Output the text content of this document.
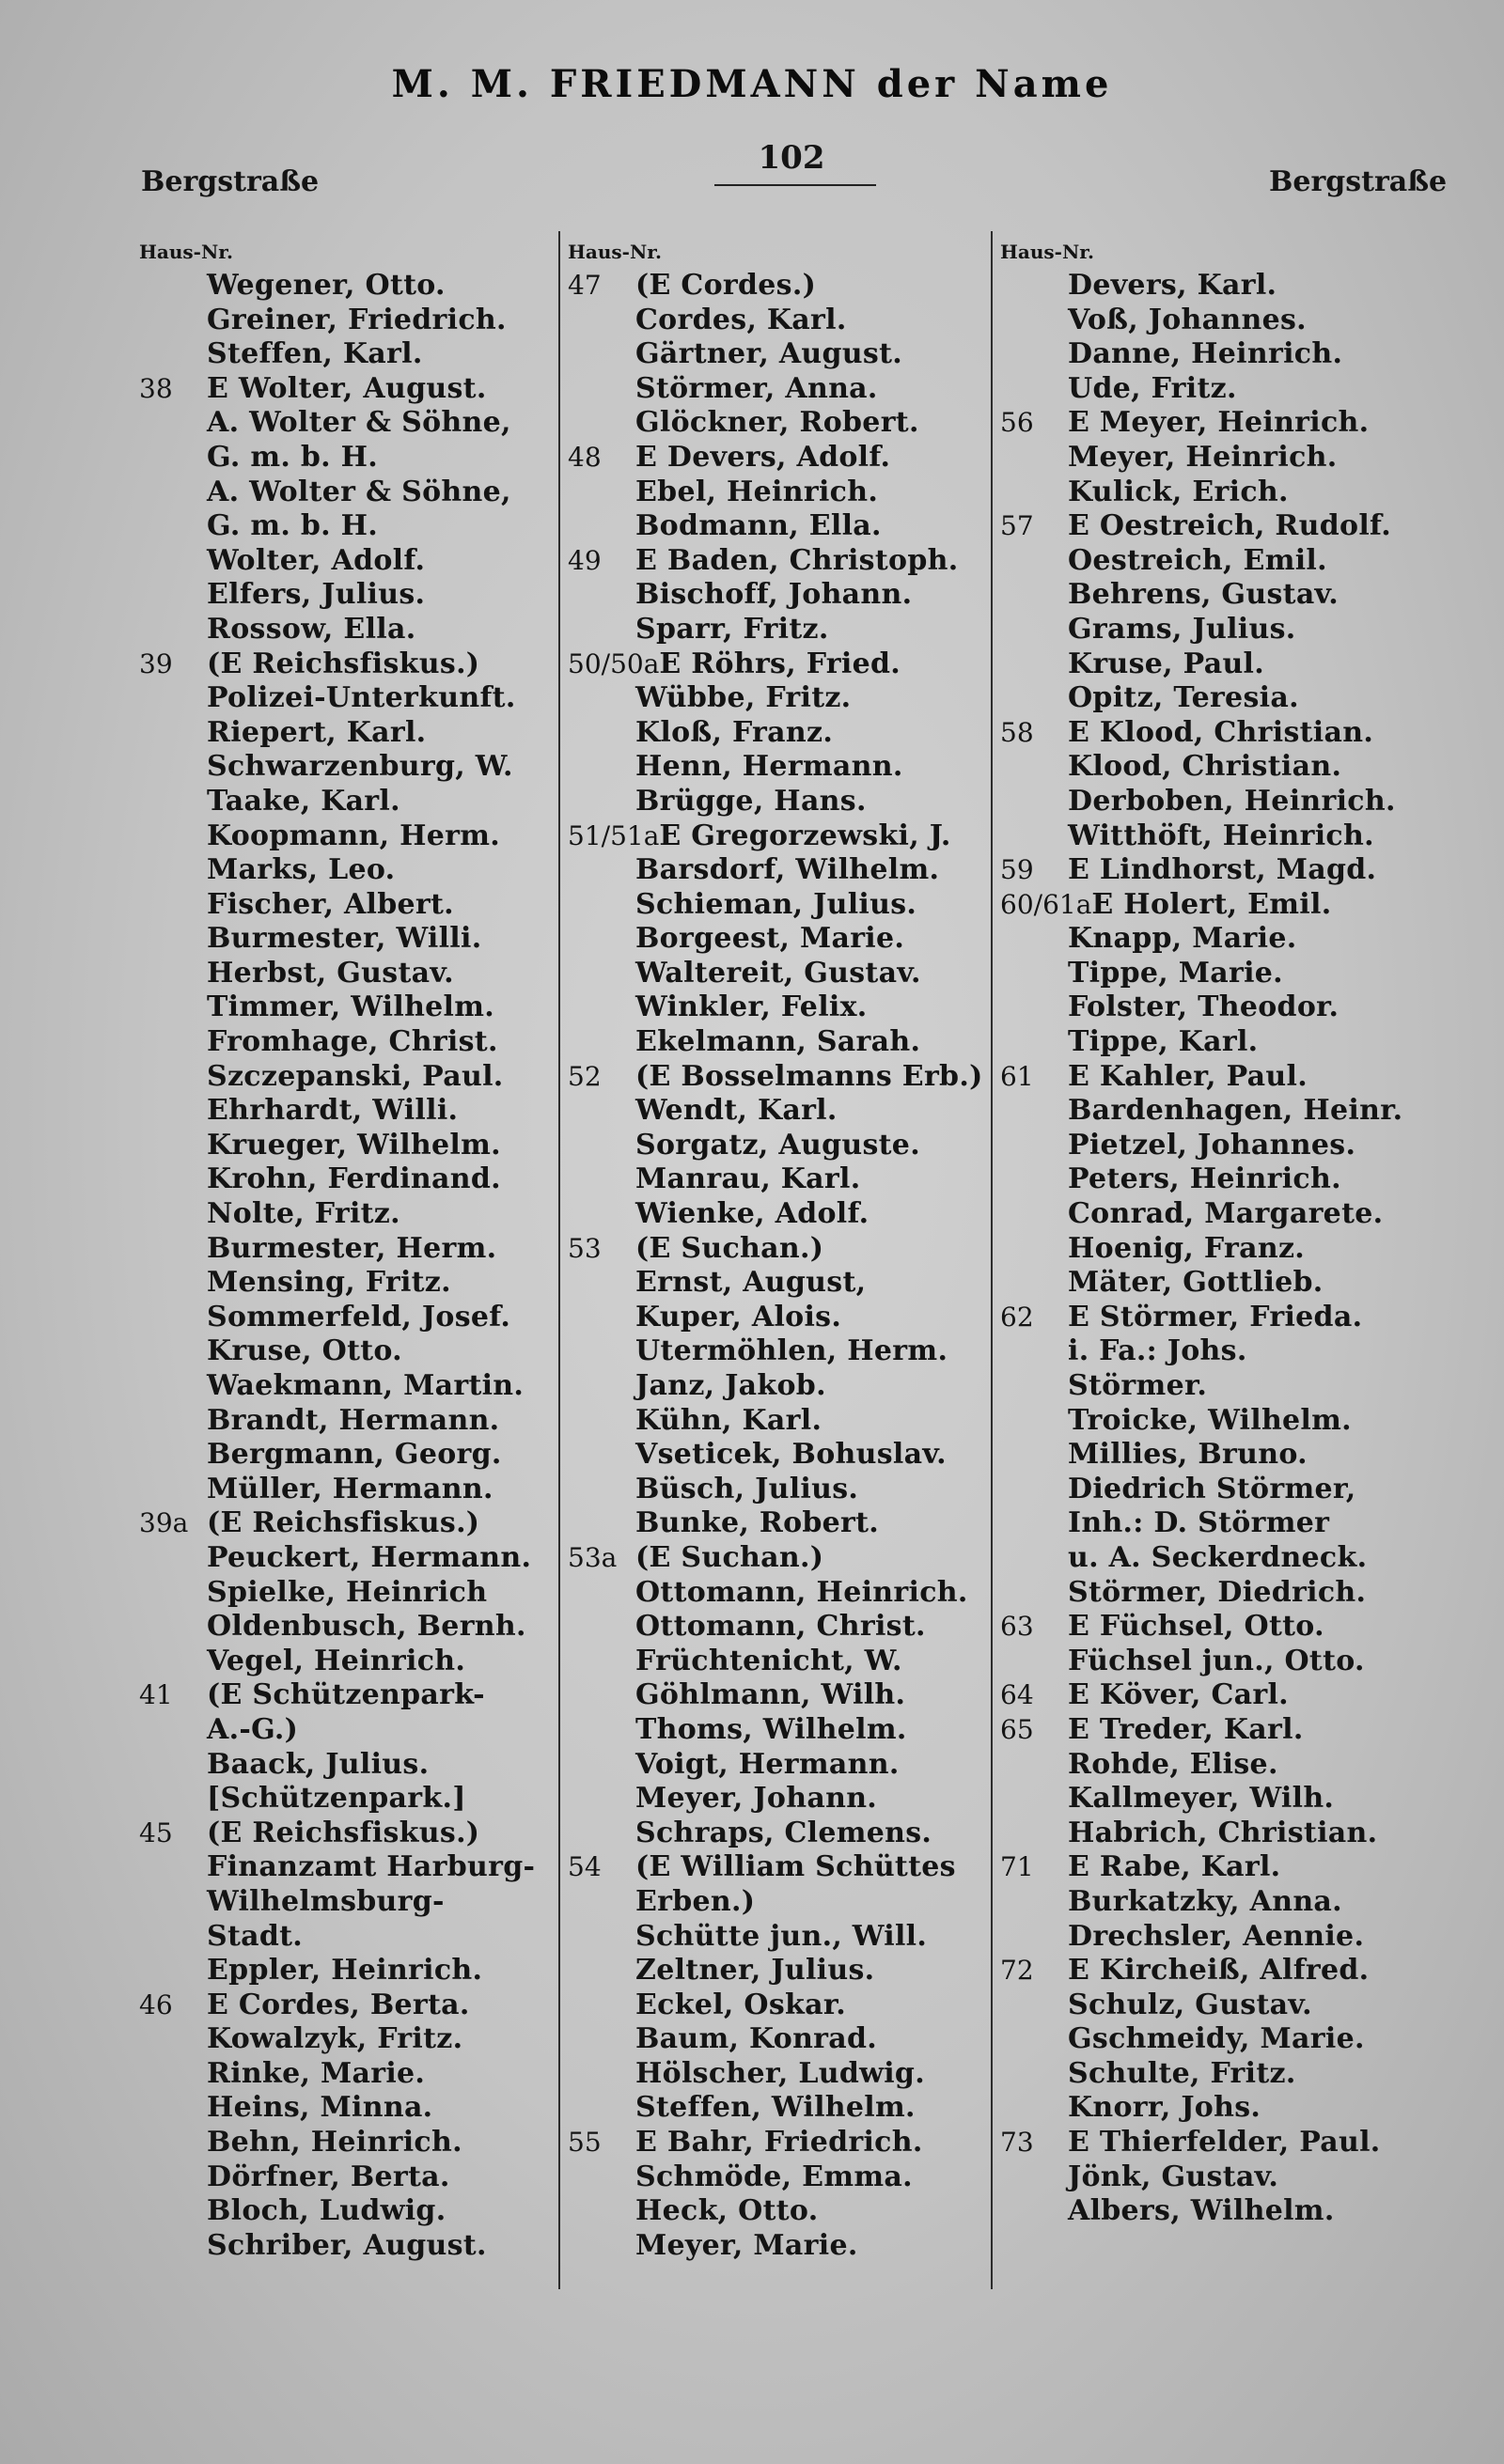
M. M. FRIEDMANN der Name
Bergstraße
102
Bergstraße
Haus-Nr.
Wegener, Otto.
Greiner, Friedrich.
Steffen, Karl.
38	E Wolter, August.
A. Wolter & Söhne,
G. m. b. H.
A. Wolter & Söhne,
G. m. b. H.
Wolter, Adolf.
Elfers, Julius.
Rossow, Ella.
39	(E Reichsfiskus.)
Polizei-Unterkunft.
Riepert, Karl.
Schwarzenburg, W.
Taake, Karl.
Koopmann, Herm.
Marks, Leo.
Fischer, Albert.
Burmester, Willi.
Herbst, Gustav.
Timmer, Wilhelm.
Fromhage, Christ.
Szczepanski, Paul.
Ehrhardt, Willi.
Krueger, Wilhelm.
Krohn, Ferdinand.
Nolte, Fritz.
Burmester, Herm.
Mensing, Fritz.
Sommerfeld, Josef.
Kruse, Otto.
Waekmann, Martin.
Brandt, Hermann.
Bergmann, Georg.
Müller, Hermann.
39a (E Reichsfiskus.)
Peuckert, Hermann.
Spielke, Heinrich
Oldenbusch, Bernh.
Vegel, Heinrich.
41	(E Schützenpark-
A.-G.)
Baack, Julius.
[Schützenpark.]
45	(E Reichsfiskus.)
Finanzamt Harburg-
Wilhelmsburg-
Stadt.
Eppler, Heinrich.
46	E Cordes, Berta.
Kowalzyk, Fritz.
Rinke, Marie.
Heins, Minna.
Behn, Heinrich.
Dörfner, Berta.
Bloch, Ludwig.
Schriber, August.
Haus-Nr.
47	(E Cordes.)
Cordes, Karl.
Gärtner, August.
Störmer, Anna.
Glöckner, Robert.
48	E Devers, Adolf.
Ebel, Heinrich.
Bodmann, Ella.
49	E Baden, Christoph.
Bischoff, Johann.
Sparr, Fritz.
50/50a E Röhrs, Fried.
Wübbe, Fritz.
Kloß, Franz.
Henn, Hermann.
Brügge, Hans.
51/51a E Gregorzewski, J.
Barsdorf, Wilhelm.
Schieman, Julius.
Borgeest, Marie.
Waltereit, Gustav.
Winkler, Felix.
Ekelmann, Sarah.
52	(E Bosselmanns Erb.)
Wendt, Karl.
Sorgatz, Auguste.
Manrau, Karl.
Wienke, Adolf.
53	(E Suchan.)
Ernst, August,
Kuper, Alois.
Utermöhlen, Herm.
Janz, Jakob.
Kühn, Karl.
Vseticek, Bohuslav.
Büsch, Julius.
Bunke, Robert.
53a (E Suchan.)
Ottomann, Heinrich.
Ottomann, Christ.
Früchtenicht, W.
Göhlmann, Wilh.
Thoms, Wilhelm.
Voigt, Hermann.
Meyer, Johann.
Schraps, Clemens.
54	(E William Schüttes
Erben.)
Schütte jun., Will.
Zeltner, Julius.
Eckel, Oskar.
Baum, Konrad.
Hölscher, Ludwig.
Steffen, Wilhelm.
55	E Bahr, Friedrich.
Schmöde, Emma.
Heck, Otto.
Meyer, Marie.
Haus-Nr.
Devers, Karl.
Voß, Johannes.
Danne, Heinrich.
Ude, Fritz.
56	E Meyer, Heinrich.
Meyer, Heinrich.
Kulick, Erich.
57	E Oestreich, Rudolf.
Oestreich, Emil.
Behrens, Gustav.
Grams, Julius.
Kruse, Paul.
Opitz, Teresia.
58	E Klood, Christian.
Klood, Christian.
Derboben, Heinrich.
Witthöft, Heinrich.
59	E Lindhorst, Magd.
60/61a E Holert, Emil.
Knapp, Marie.
Tippe, Marie.
Folster, Theodor.
Tippe, Karl.
61	E Kahler, Paul.
Bardenhagen, Heinr.
Pietzel, Johannes.
Peters, Heinrich.
Conrad, Margarete.
Hoenig, Franz.
Mäter, Gottlieb.
62	E Störmer, Frieda.
i. Fa.: Johs.
Störmer.
Troicke, Wilhelm.
Millies, Bruno.
Diedrich Störmer,
Inh.: D. Störmer
u. A. Seckerdneck.
Störmer, Diedrich.
63	E Füchsel, Otto.
Füchsel jun., Otto.
64	E Köver, Carl.
65	E Treder, Karl.
Rohde, Elise.
Kallmeyer, Wilh.
Habrich, Christian.
71	E Rabe, Karl.
Burkatzky, Anna.
Drechsler, Aennie.
72	E Kircheiß, Alfred.
Schulz, Gustav.
Gschmeidy, Marie.
Schulte, Fritz.
Knorr, Johs.
73	E Thierfelder, Paul.
Jönk, Gustav.
Albers, Wilhelm.
